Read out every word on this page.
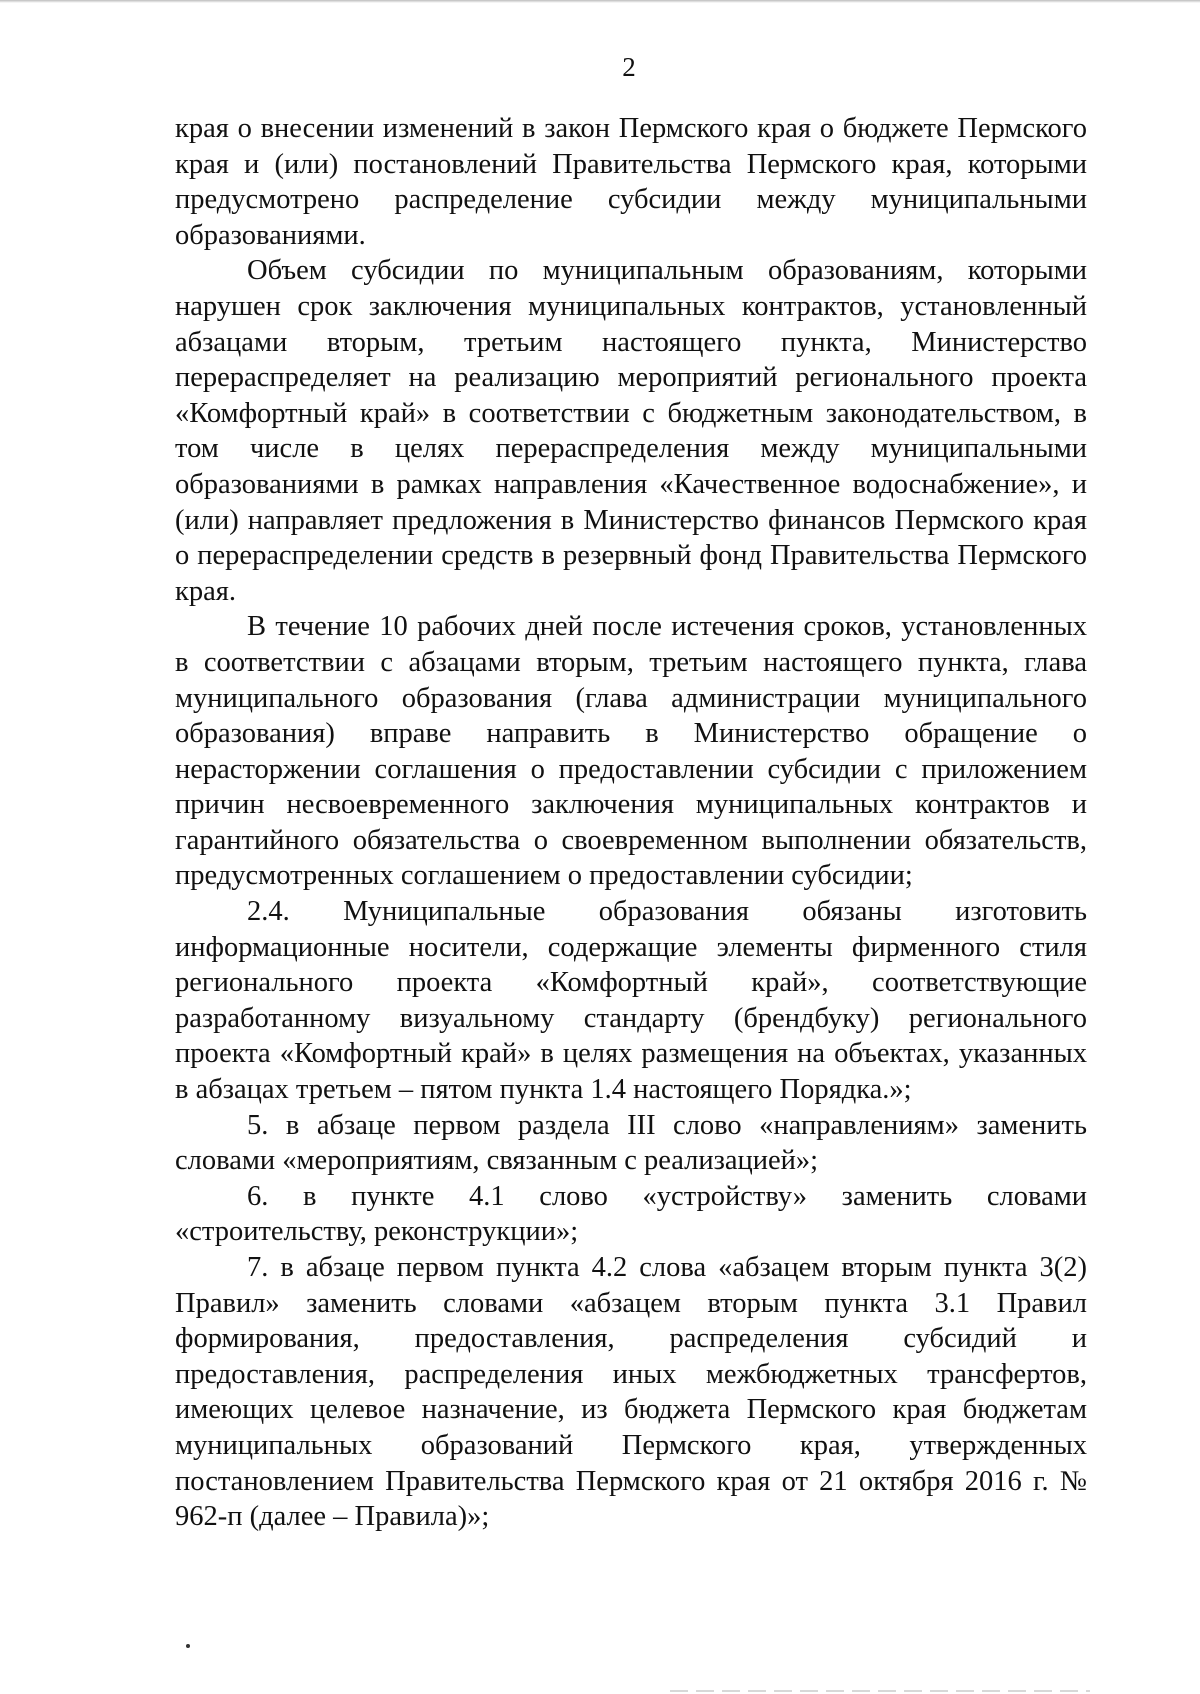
2

края о внесении изменений в закон Пермского края о бюджете Пермского края и (или) постановлений Правительства Пермского края, которыми предусмотрено распределение субсидии между муниципальными образованиями.

Объем субсидии по муниципальным образованиям, которыми нарушен срок заключения муниципальных контрактов, установленный абзацами вторым, третьим настоящего пункта, Министерство перераспределяет на реализацию мероприятий регионального проекта «Комфортный край» в соответствии с бюджетным законодательством, в том числе в целях перераспределения между муниципальными образованиями в рамках направления «Качественное водоснабжение», и (или) направляет предложения в Министерство финансов Пермского края о перераспределении средств в резервный фонд Правительства Пермского края.

В течение 10 рабочих дней после истечения сроков, установленных в соответствии с абзацами вторым, третьим настоящего пункта, глава муниципального образования (глава администрации муниципального образования) вправе направить в Министерство обращение о нерасторжении соглашения о предоставлении субсидии с приложением причин несвоевременного заключения муниципальных контрактов и гарантийного обязательства о своевременном выполнении обязательств, предусмотренных соглашением о предоставлении субсидии;

2.4. Муниципальные образования обязаны изготовить информационные носители, содержащие элементы фирменного стиля регионального проекта «Комфортный край», соответствующие разработанному визуальному стандарту (брендбуку) регионального проекта «Комфортный край» в целях размещения на объектах, указанных в абзацах третьем – пятом пункта 1.4 настоящего Порядка.»;

5. в абзаце первом раздела III слово «направлениям» заменить словами «мероприятиям, связанным с реализацией»;

6. в пункте 4.1 слово «устройству» заменить словами «строительству, реконструкции»;

7. в абзаце первом пункта 4.2 слова «абзацем вторым пункта 3(2) Правил» заменить словами «абзацем вторым пункта 3.1 Правил формирования, предоставления, распределения субсидий и предоставления, распределения иных межбюджетных трансфертов, имеющих целевое назначение, из бюджета Пермского края бюджетам муниципальных образований Пермского края, утвержденных постановлением Правительства Пермского края от 21 октября 2016 г. № 962-п (далее – Правила)»;
